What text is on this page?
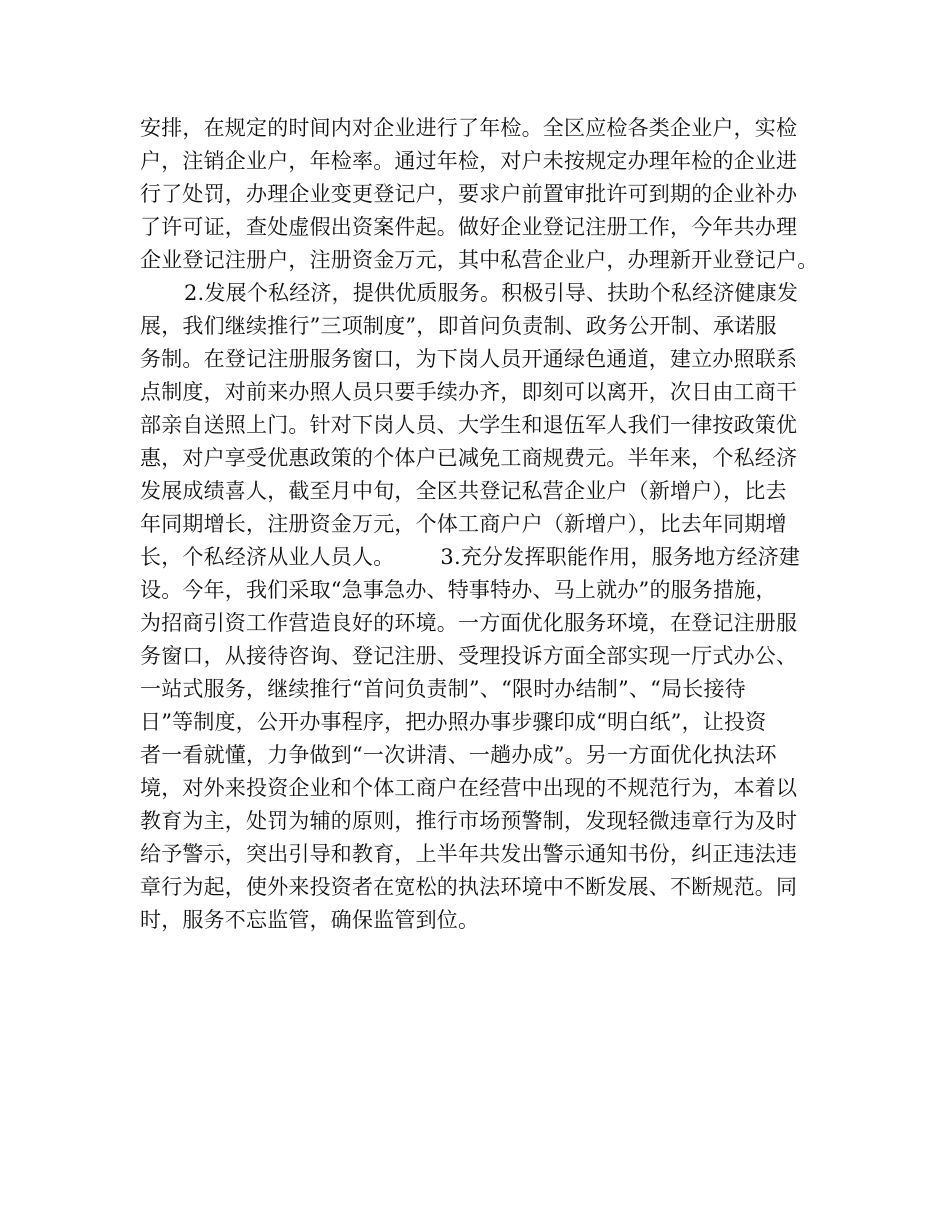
安排，在规定的时间内对企业进行了年检。全区应检各类企业户，实检
户，注销企业户，年检率。通过年检，对户未按规定办理年检的企业进
行了处罚，办理企业变更登记户，要求户前置审批许可到期的企业补办
了许可证，查处虚假出资案件起。做好企业登记注册工作，今年共办理
企业登记注册户，注册资金万元，其中私营企业户，办理新开业登记户。
2.发展个私经济，提供优质服务。积极引导、扶助个私经济健康发
展，我们继续推行”三项制度”，即首问负责制、政务公开制、承诺服
务制。在登记注册服务窗口，为下岗人员开通绿色通道，建立办照联系
点制度，对前来办照人员只要手续办齐，即刻可以离开，次日由工商干
部亲自送照上门。针对下岗人员、大学生和退伍军人我们一律按政策优
惠，对户享受优惠政策的个体户已减免工商规费元。半年来，个私经济
发展成绩喜人，截至月中旬，全区共登记私营企业户（新增户），比去
年同期增长，注册资金万元，个体工商户户（新增户），比去年同期增
长，个私经济从业人员人。 3.充分发挥职能作用，服务地方经济建
设。今年，我们采取“急事急办、特事特办、马上就办”的服务措施，
为招商引资工作营造良好的环境。一方面优化服务环境，在登记注册服
务窗口，从接待咨询、登记注册、受理投诉方面全部实现一厅式办公、
一站式服务，继续推行“首问负责制”、“限时办结制”、“局长接待
日”等制度，公开办事程序，把办照办事步骤印成“明白纸”，让投资
者一看就懂，力争做到“一次讲清、一趟办成”。另一方面优化执法环
境，对外来投资企业和个体工商户在经营中出现的不规范行为，本着以
教育为主，处罚为辅的原则，推行市场预警制，发现轻微违章行为及时
给予警示，突出引导和教育，上半年共发出警示通知书份，纠正违法违
章行为起，使外来投资者在宽松的执法环境中不断发展、不断规范。同
时，服务不忘监管，确保监管到位。
